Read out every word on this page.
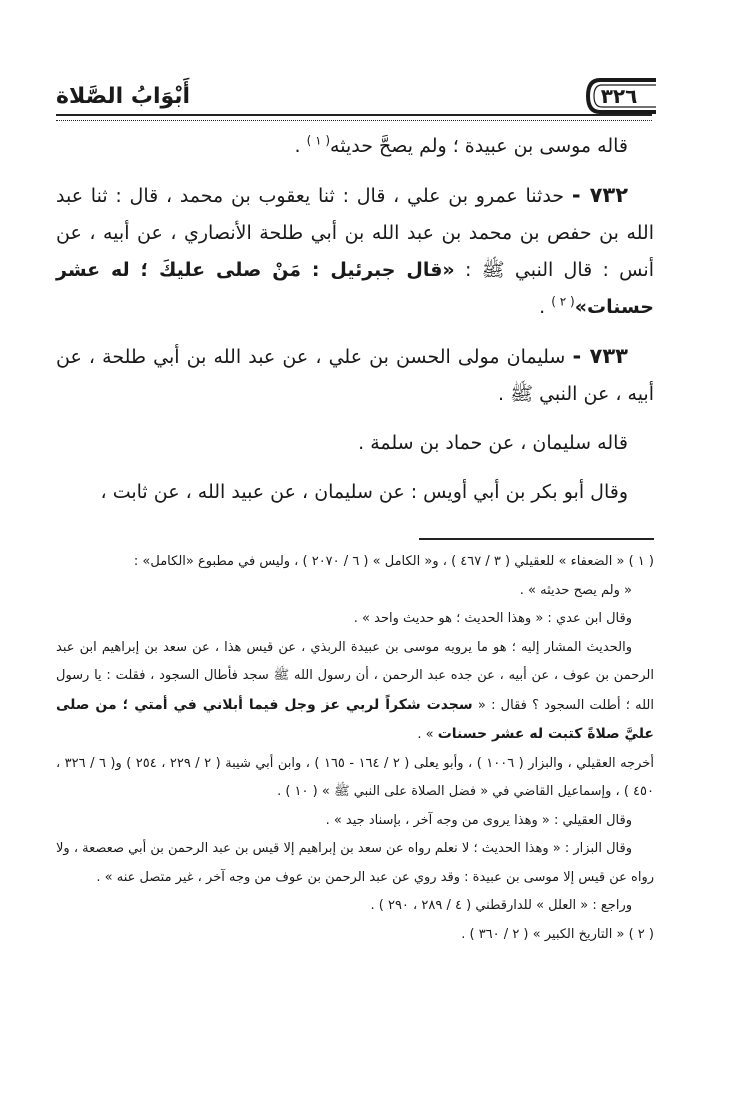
٣٢٦
أَبْوَابُ الصَّلاة

قاله موسى بن عبيدة ؛ ولم يصحَّ حديثه$^{( ١ )}$ .

٧٣٢ - حدثنا عمرو بن علي ، قال : ثنا يعقوب بن محمد ، قال : ثنا عبد الله بن حفص بن محمد بن عبد الله بن أبي طلحة الأنصاري ، عن أبيه ، عن أنس : قال النبي ﷺ : «قال جبرئيل : مَنْ صلى عليكَ ؛ له عشر حسنات»$^{( ٢ )}$ .

٧٣٣ - سليمان مولى الحسن بن علي ، عن عبد الله بن أبي طلحة ، عن أبيه ، عن النبي ﷺ .

قاله سليمان ، عن حماد بن سلمة .

وقال أبو بكر بن أبي أويس : عن سليمان ، عن عبيد الله ، عن ثابت ،

( ١ ) « الضعفاء » للعقيلي ( ٣ / ٤٦٧ ) ، و« الكامل » ( ٦ / ٢٠٧٠ ) ، وليس في مطبوع «الكامل» :

« ولم يصح حديثه » .

وقال ابن عدي : « وهذا الحديث ؛ هو حديث واحد » .

والحديث المشار إليه ؛ هو ما يرويه موسى بن عبيدة الربذي ، عن قيس هذا ، عن سعد بن إبراهيم ابن عبد الرحمن بن عوف ، عن أبيه ، عن جده عبد الرحمن ، أن رسول الله ﷺ سجد فأطال السجود ، فقلت : يا رسول الله ؛ أطلت السجود ؟ فقال : « سجدت شكراً لربي عز وجل فيما أبلاني في أمتي ؛ من صلى عليَّ صلاةً كتبت له عشر حسنات » .

أخرجه العقيلي ، والبزار ( ١٠٠٦ ) ، وأبو يعلى ( ٢ / ١٦٤ - ١٦٥ ) ، وابن أبي شيبة ( ٢ / ٢٢٩ ، ٢٥٤ ) و( ٦ / ٣٢٦ ، ٤٥٠ ) ، وإسماعيل القاضي في « فضل الصلاة على النبي ﷺ » ( ١٠ ) .

وقال العقيلي : « وهذا يروى من وجه آخر ، بإسناد جيد » .

وقال البزار : « وهذا الحديث ؛ لا نعلم رواه عن سعد بن إبراهيم إلا قيس بن عبد الرحمن بن أبي صعصعة ، ولا رواه عن قيس إلا موسى بن عبيدة : وقد روي عن عبد الرحمن بن عوف من وجه آخر ، غير متصل عنه » .

وراجع : « العلل » للدارقطني ( ٤ / ٢٨٩ ، ٢٩٠ ) .

( ٢ ) « التاريخ الكبير » ( ٢ / ٣٦٠ ) .
